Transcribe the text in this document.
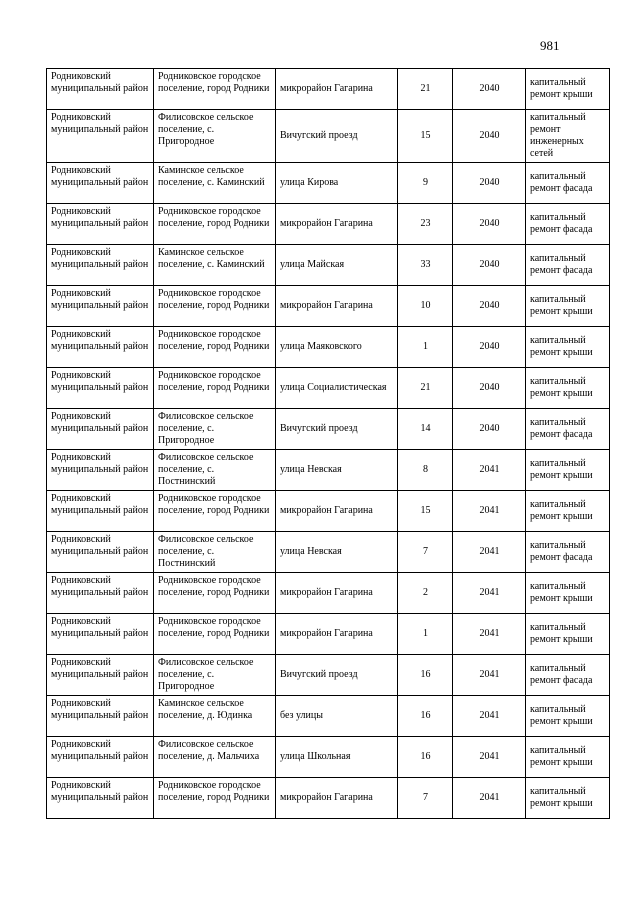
981
Родниковский муниципальный район	Родниковское городское поселение, город Родники	микрорайон Гагарина	21	2040	капитальный ремонт крыши
Родниковский муниципальный район	Филисовское сельское поселение, с. Пригородное	Вичугский проезд	15	2040	капитальный ремонт инженерных сетей
Родниковский муниципальный район	Каминское сельское поселение, с. Каминский	улица Кирова	9	2040	капитальный ремонт фасада
Родниковский муниципальный район	Родниковское городское поселение, город Родники	микрорайон Гагарина	23	2040	капитальный ремонт фасада
Родниковский муниципальный район	Каминское сельское поселение, с. Каминский	улица Майская	33	2040	капитальный ремонт фасада
Родниковский муниципальный район	Родниковское городское поселение, город Родники	микрорайон Гагарина	10	2040	капитальный ремонт крыши
Родниковский муниципальный район	Родниковское городское поселение, город Родники	улица Маяковского	1	2040	капитальный ремонт крыши
Родниковский муниципальный район	Родниковское городское поселение, город Родники	улица Социалистическая	21	2040	капитальный ремонт крыши
Родниковский муниципальный район	Филисовское сельское поселение, с. Пригородное	Вичугский проезд	14	2040	капитальный ремонт фасада
Родниковский муниципальный район	Филисовское сельское поселение, с. Постнинский	улица Невская	8	2041	капитальный ремонт крыши
Родниковский муниципальный район	Родниковское городское поселение, город Родники	микрорайон Гагарина	15	2041	капитальный ремонт крыши
Родниковский муниципальный район	Филисовское сельское поселение, с. Постнинский	улица Невская	7	2041	капитальный ремонт фасада
Родниковский муниципальный район	Родниковское городское поселение, город Родники	микрорайон Гагарина	2	2041	капитальный ремонт крыши
Родниковский муниципальный район	Родниковское городское поселение, город Родники	микрорайон Гагарина	1	2041	капитальный ремонт крыши
Родниковский муниципальный район	Филисовское сельское поселение, с. Пригородное	Вичугский проезд	16	2041	капитальный ремонт фасада
Родниковский муниципальный район	Каминское сельское поселение, д. Юдинка	без улицы	16	2041	капитальный ремонт крыши
Родниковский муниципальный район	Филисовское сельское поселение, д. Мальчиха	улица Школьная	16	2041	капитальный ремонт крыши
Родниковский муниципальный район	Родниковское городское поселение, город Родники	микрорайон Гагарина	7	2041	капитальный ремонт крыши
